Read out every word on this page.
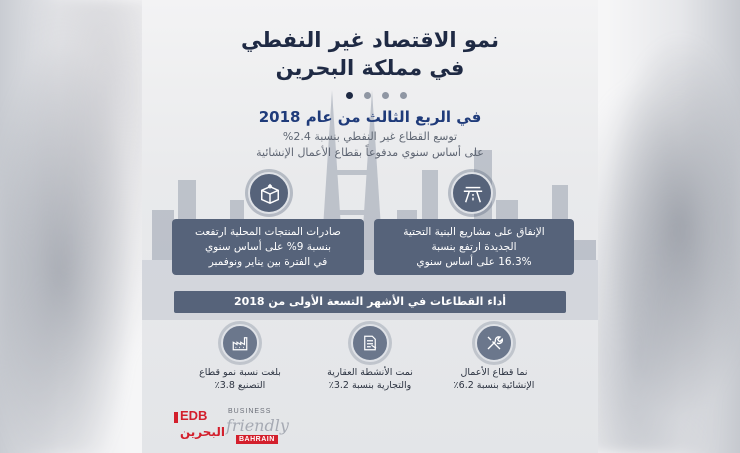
نمو الاقتصاد غير النفطي
في مملكة البحرين
في الربع الثالث من عام 2018
توسع القطاع غير النفطي بنسبة 2.4%
على أساس سنوي مدفوعاً بقطاع الأعمال الإنشائية
الإنفاق على مشاريع البنية التحتية
الجديدة ارتفع بنسبة
16.3% على أساس سنوي
صادرات المنتجات المحلية ارتفعت
بنسبة 9% على أساس سنوي
في الفترة بين يناير ونوفمبر
أداء القطاعات في الأشهر التسعة الأولى من 2018
نما قطاع الأعمال
الإنشائية بنسبة 6.2٪
نمت الأنشطة العقارية
والتجارية بنسبة 3.2٪
بلغت نسبة نمو قطاع
التصنيع 3.8٪
EDB
البحرين
BUSINESS
friendly
BAHRAIN
